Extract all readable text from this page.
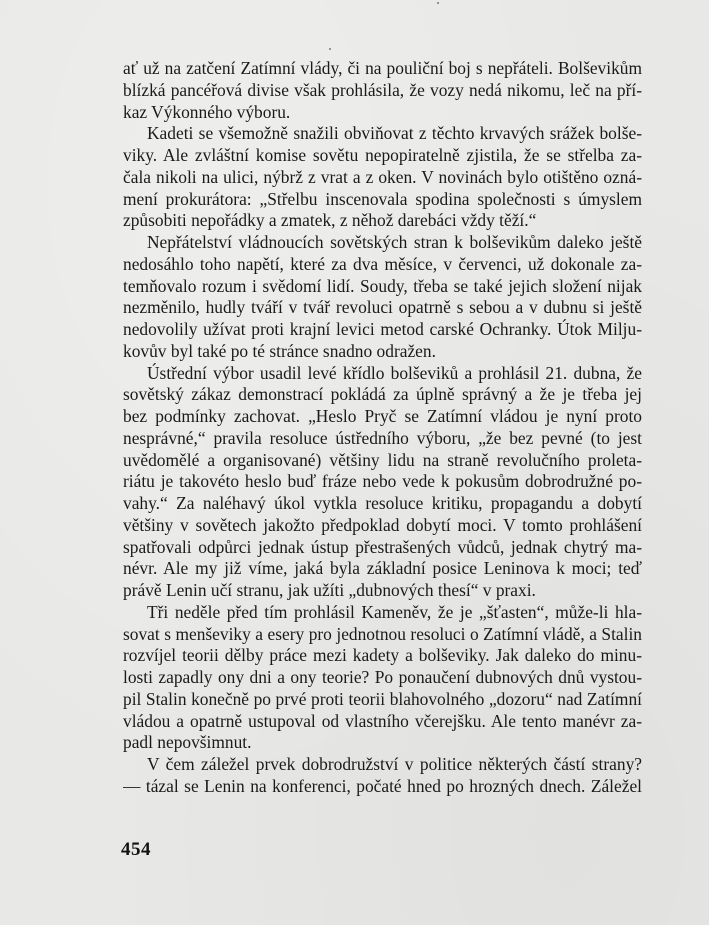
ať už na zatčení Zatímní vlády, či na pouliční boj s nepřáteli. Bolševikům
blízká pancéřová divise však prohlásila, že vozy nedá nikomu, leč na pří-
kaz Výkonného výboru.
Kadeti se všemožně snažili obviňovat z těchto krvavých srážek bolše-
viky. Ale zvláštní komise sovětu nepopiratelně zjistila, že se střelba za-
čala nikoli na ulici, nýbrž z vrat a z oken. V novinách bylo otištěno ozná-
mení prokurátora: „Střelbu inscenovala spodina společnosti s úmyslem
způsobiti nepořádky a zmatek, z něhož darebáci vždy těží.“
Nepřátelství vládnoucích sovětských stran k bolševikům daleko ještě
nedosáhlo toho napětí, které za dva měsíce, v červenci, už dokonale za-
temňovalo rozum i svědomí lidí. Soudy, třeba se také jejich složení nijak
nezměnilo, hudly tváří v tvář revoluci opatrně s sebou a v dubnu si ještě
nedovolily užívat proti krajní levici metod carské Ochranky. Útok Milju-
kovův byl také po té stránce snadno odražen.
Ústřední výbor usadil levé křídlo bolševiků a prohlásil 21. dubna, že
sovětský zákaz demonstrací pokládá za úplně správný a že je třeba jej
bez podmínky zachovat. „Heslo Pryč se Zatímní vládou je nyní proto
nesprávné,“ pravila resoluce ústředního výboru, „že bez pevné (to jest
uvědomělé a organisované) většiny lidu na straně revolučního proleta-
riátu je takovéto heslo buď fráze nebo vede k pokusům dobrodružné po-
vahy.“ Za naléhavý úkol vytkla resoluce kritiku, propagandu a dobytí
většiny v sovětech jakožto předpoklad dobytí moci. V tomto prohlášení
spatřovali odpůrci jednak ústup přestrašených vůdců, jednak chytrý ma-
névr. Ale my již víme, jaká byla základní posice Leninova k moci; teď
právě Lenin učí stranu, jak užíti „dubnových thesí“ v praxi.
Tři neděle před tím prohlásil Kameněv, že je „šťasten“, může-li hla-
sovat s menševiky a esery pro jednotnou resoluci o Zatímní vládě, a Stalin
rozvíjel teorii dělby práce mezi kadety a bolševiky. Jak daleko do minu-
losti zapadly ony dni a ony teorie? Po ponaučení dubnových dnů vystou-
pil Stalin konečně po prvé proti teorii blahovolného „dozoru“ nad Zatímní
vládou a opatrně ustupoval od vlastního včerejšku. Ale tento manévr za-
padl nepovšimnut.
V čem záležel prvek dobrodružství v politice některých částí strany?
— tázal se Lenin na konferenci, počaté hned po hrozných dnech. Záležel
454
